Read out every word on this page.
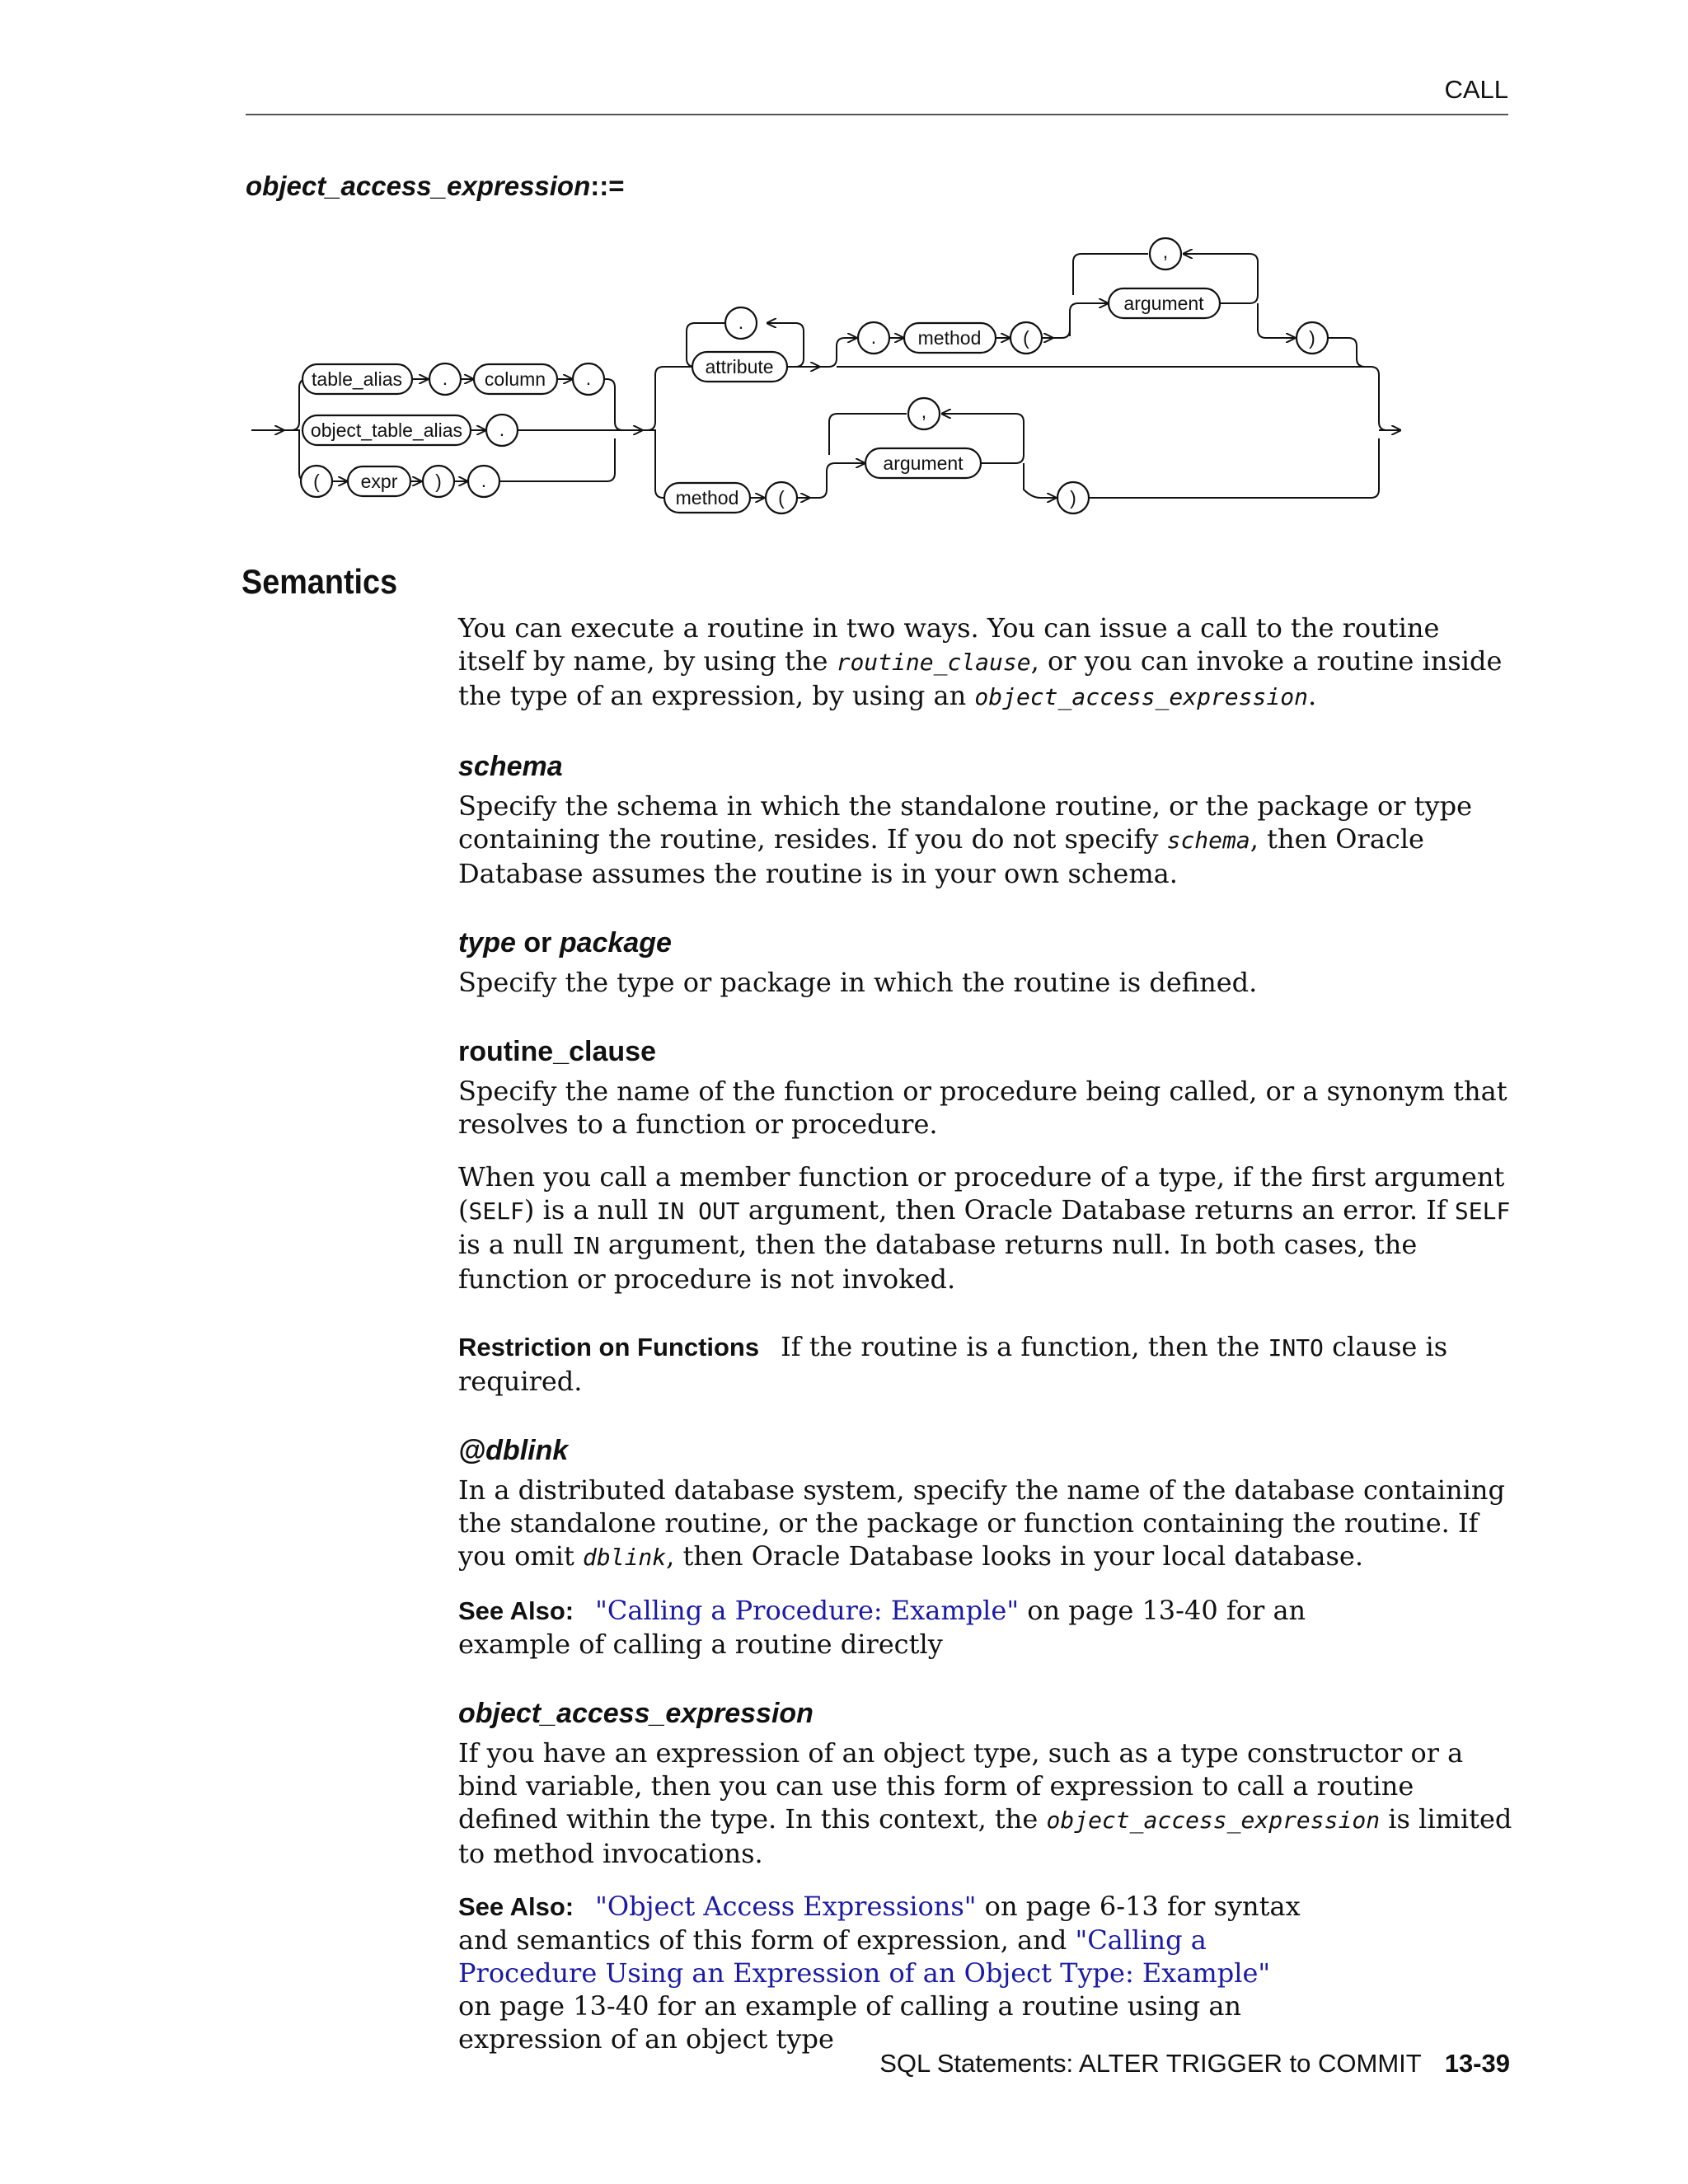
CALL
object_access_expression::=
table_alias . column .
object_table_alias .
( expr ) .
attribute
.
. method (
argument
,
)
method (
argument
,
)
Semantics

You can execute a routine in two ways. You can issue a call to the routine itself by name, by using the routine_clause, or you can invoke a routine inside the type of an expression, by using an object_access_expression.

schema

Specify the schema in which the standalone routine, or the package or type containing the routine, resides. If you do not specify schema, then Oracle Database assumes the routine is in your own schema.

type or package

Specify the type or package in which the routine is defined.

routine_clause

Specify the name of the function or procedure being called, or a synonym that resolves to a function or procedure.

When you call a member function or procedure of a type, if the first argument (SELF) is a null IN OUT argument, then Oracle Database returns an error. If SELF is a null IN argument, then the database returns null. In both cases, the function or procedure is not invoked.

Restriction on Functions If the routine is a function, then the INTO clause is required.

@dblink

In a distributed database system, specify the name of the database containing the standalone routine, or the package or function containing the routine. If you omit dblink, then Oracle Database looks in your local database.

See Also: "Calling a Procedure: Example" on page 13-40 for an example of calling a routine directly

object_access_expression

If you have an expression of an object type, such as a type constructor or a bind variable, then you can use this form of expression to call a routine defined within the type. In this context, the object_access_expression is limited to method invocations.

See Also: "Object Access Expressions" on page 6-13 for syntax and semantics of this form of expression, and "Calling a Procedure Using an Expression of an Object Type: Example" on page 13-40 for an example of calling a routine using an expression of an object type

SQL Statements: ALTER TRIGGER to COMMIT 13-39
